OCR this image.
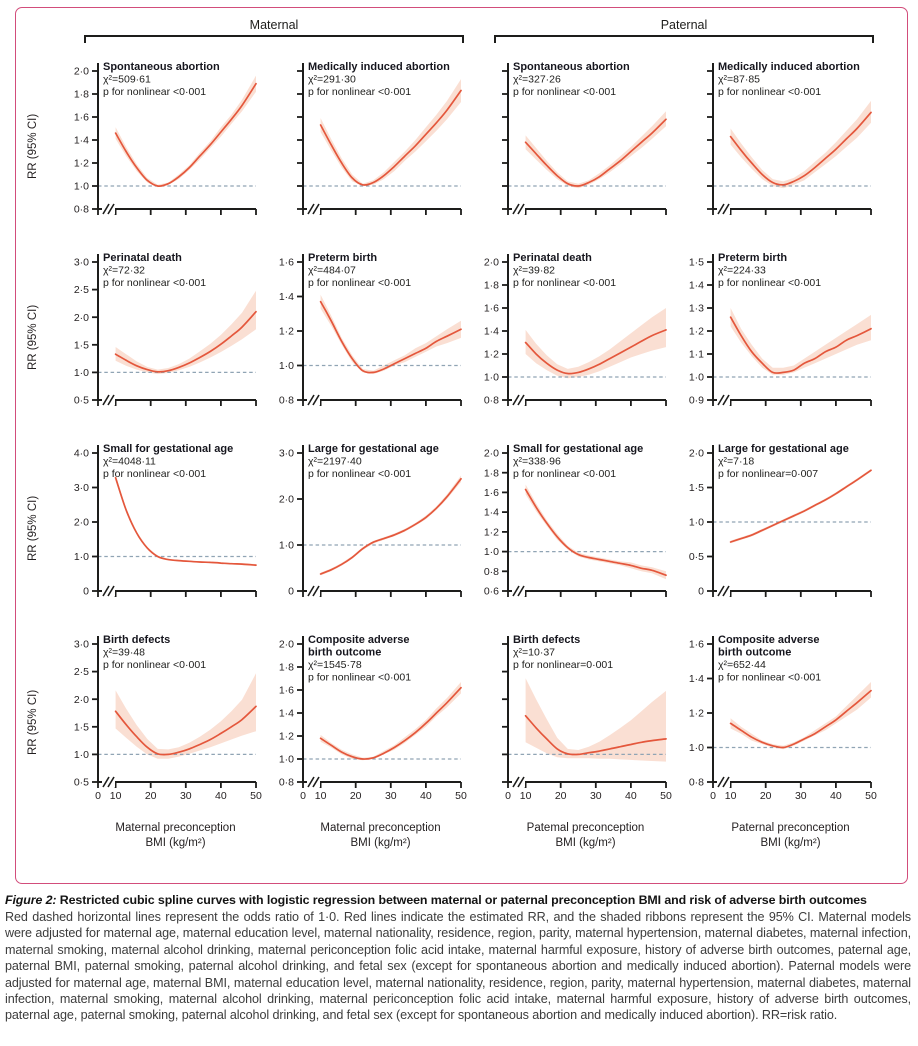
Maternal	Paternal
RR (95% CI)
0·8
1·0
1·2
1·4
1·6
1·8
2·0 Spontaneous abortion
χ²=509·61
p for nonlinear <0·001
Medically induced abortion
χ²=291·30
p for nonlinear <0·001
Spontaneous abortion
χ²=327·26
p for nonlinear <0·001
Medically induced abortion
χ²=87·85
p for nonlinear <0·001
RR (95% CI)
0·5
1·0
1·5
2·0
2·5
3·0 Perinatal death
χ²=72·32
p for nonlinear <0·001
0·8
1·0
1·2
1·4
1·6 Preterm birth
χ²=484·07
p for nonlinear <0·001
0·8
1·0
1·2
1·4
1·6
1·8
2·0 Perinatal death
χ²=39·82
p for nonlinear <0·001
0·9
1·0
1·1
1·2
1·3
1·4
1·5 Preterm birth
χ²=224·33
p for nonlinear <0·001
RR (95% CI)
0
1·0
2·0
3·0
4·0 Small for gestational age
χ²=4048·11
p for nonlinear <0·001
0
1·0
2·0
3·0 Large for gestational age
χ²=2197·40
p for nonlinear <0·001
0·6
0·8
1·0
1·2
1·4
1·6
1·8
2·0 Small for gestational age
χ²=338·96
p for nonlinear <0·001
0
0·5
1·0
1·5
2·0 Large for gestational age
χ²=7·18
p for nonlinear=0·007
RR (95% CI)
0·5
1·0
1·5
2·0
2·5
3·0
0 10 20 30 40 50
Birth defects
χ²=39·48
p for nonlinear <0·001
0·8
1·0
1·2
1·4
1·6
1·8
2·0
0 10 20 30 40 50
Composite adverse
birth outcome
χ²=1545·78
p for nonlinear <0·001
0 10 20 30 40 50
Birth defects
χ²=10·37
p for nonlinear=0·001
0·8
1·0
1·2
1·4
1·6
0 10 20 30 40 50
Composite adverse
birth outcome
χ²=652·44
p for nonlinear <0·001
Maternal preconception
BMI (kg/m²)
Maternal preconception
BMI (kg/m²)
Patemal preconception
BMI (kg/m²)
Paternal preconception
BMI (kg/m²)
Figure 2: Restricted cubic spline curves with logistic regression between maternal or paternal preconception BMI and risk of adverse birth outcomes
Red dashed horizontal lines represent the odds ratio of 1·0. Red lines indicate the estimated RR, and the shaded ribbons represent the 95% CI. Maternal models were adjusted for maternal age, maternal education level, maternal nationality, residence, region, parity, maternal hypertension, maternal diabetes, maternal infection, maternal smoking, maternal alcohol drinking, maternal periconception folic acid intake, maternal harmful exposure, history of adverse birth outcomes, paternal age, paternal BMI, paternal smoking, paternal alcohol drinking, and fetal sex (except for spontaneous abortion and medically induced abortion). Paternal models were adjusted for maternal age, maternal BMI, maternal education level, maternal nationality, residence, region, parity, maternal hypertension, maternal diabetes, maternal infection, maternal smoking, maternal alcohol drinking, maternal periconception folic acid intake, maternal harmful exposure, history of adverse birth outcomes, paternal age, paternal smoking, paternal alcohol drinking, and fetal sex (except for spontaneous abortion and medically induced abortion). RR=risk ratio.
